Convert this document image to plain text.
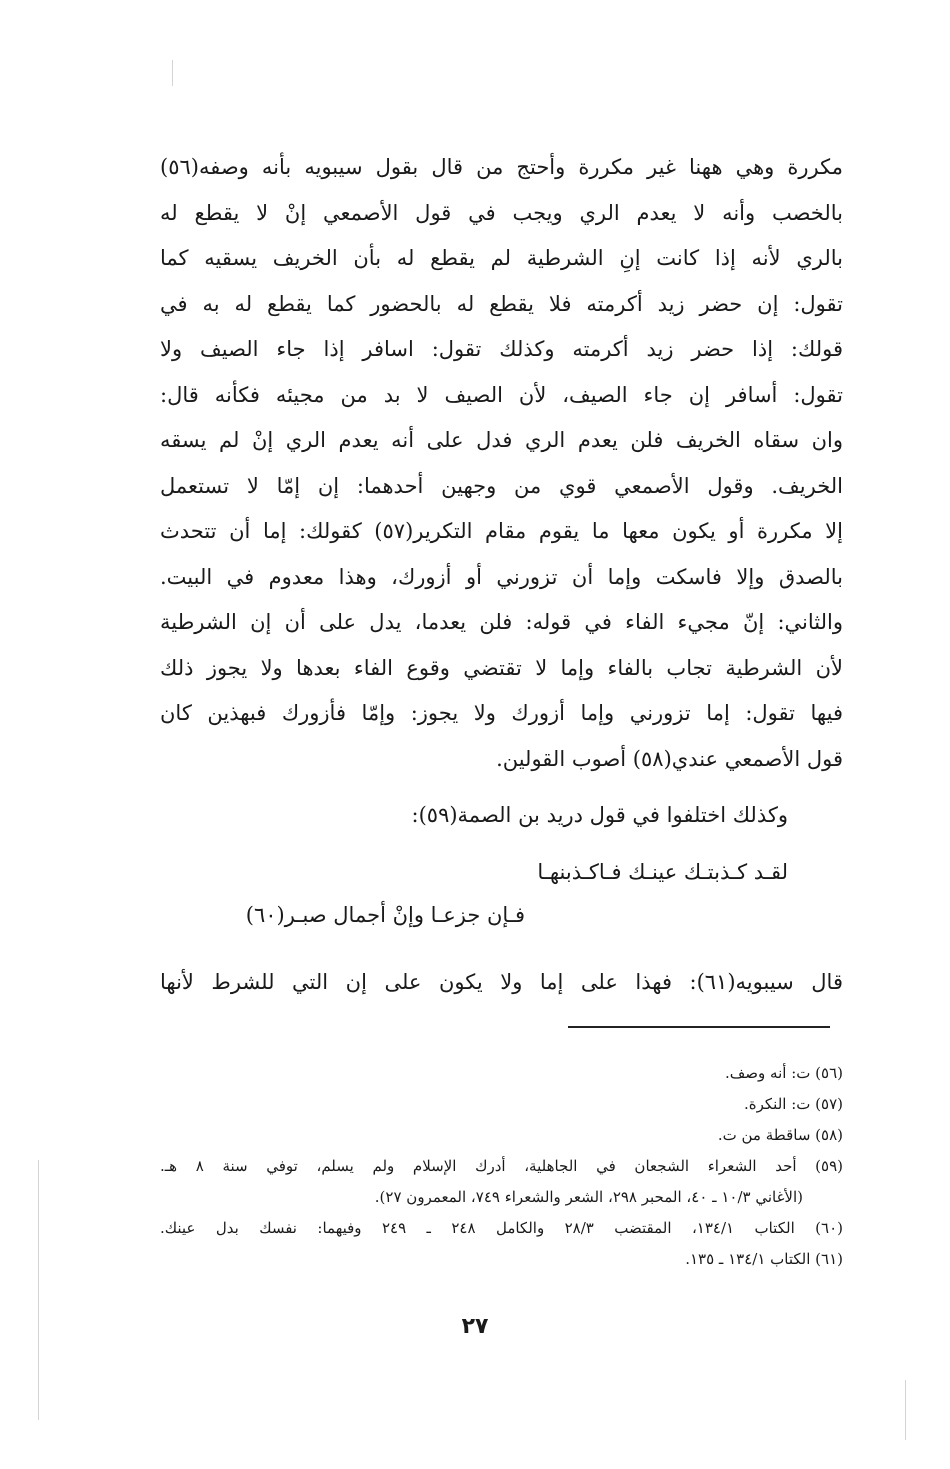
مكررة وهي ههنا غير مكررة وأحتج من قال بقول سيبويه بأنه وصفه(٥٦)
بالخصب وأنه لا يعدم الري ويجب في قول الأصمعي إنْ لا يقطع له
بالري لأنه إذا كانت إنِ الشرطية لم يقطع له بأن الخريف يسقيه كما
تقول: إن حضر زيد أكرمته فلا يقطع له بالحضور كما يقطع له به في
قولك: إذا حضر زيد أكرمته وكذلك تقول: اسافر إذا جاء الصيف ولا
تقول: أسافر إن جاء الصيف، لأن الصيف لا بد من مجيئه فكأنه قال:
وان سقاه الخريف فلن يعدم الري فدل على أنه يعدم الري إنْ لم يسقه
الخريف. وقول الأصمعي قوي من وجهين أحدهما: إن إمّا لا تستعمل
إلا مكررة أو يكون معها ما يقوم مقام التكرير(٥٧) كقولك: إما أن تتحدث
بالصدق وإلا فاسكت وإما أن تزورني أو أزورك، وهذا معدوم في البيت.
والثاني: إنّ مجيء الفاء في قوله: فلن يعدما، يدل على أن إن الشرطية
لأن الشرطية تجاب بالفاء وإما لا تقتضي وقوع الفاء بعدها ولا يجوز ذلك
فيها تقول: إما تزورني وإما أزورك ولا يجوز: وإمّا فأزورك فبهذين كان
قول الأصمعي عندي(٥٨) أصوب القولين.
وكذلك اختلفوا في قول دريد بن الصمة(٥٩):
لقـد كـذبتـك عينـك فـاكـذبنهـا
فـإن جزعـا وإنْ أجمال صبـر(٦٠)
قال سيبويه(٦١): فهذا على إما ولا يكون على إن التي للشرط لأنها
(٥٦) ت: أنه وصف.
(٥٧) ت: النكرة.
(٥٨) ساقطة من ت.
(٥٩) أحد الشعراء الشجعان في الجاهلية، أدرك الإسلام ولم يسلم، توفي سنة ٨ هـ.
(الأغاني ١٠/٣ ـ ٤٠، المحبر ٢٩٨، الشعر والشعراء ٧٤٩، المعمرون ٢٧).
(٦٠) الكتاب ١٣٤/١، المقتضب ٢٨/٣ والكامل ٢٤٨ ـ ٢٤٩ وفيهما: نفسك بدل عينك.
(٦١) الكتاب ١٣٤/١ ـ ١٣٥.
٢٧
